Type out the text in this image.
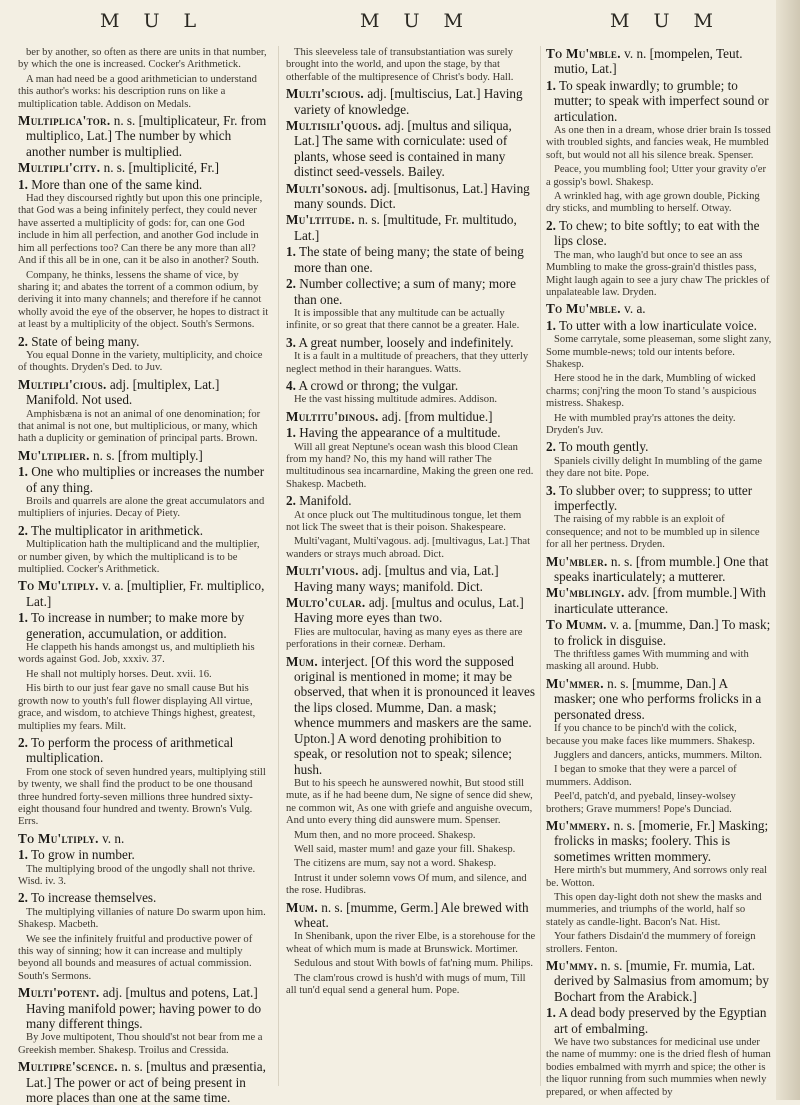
M U L	M U M	M U M
ber by another, so often as there are units in that number, by which the one is increased. Cocker's Arithmetick.
A man had need be a good arithmetician to understand this author's works: his description runs on like a multiplication table. Addison on Medals.
Multiplica'tor. n. s. [multiplicateur, Fr. from multiplico, Lat.] The number by which another number is multiplied.
Multipli'city. n. s. [multiplicité, Fr.]
1. More than one of the same kind.
Had they discoursed rightly but upon this one principle, that God was a being infinitely perfect, they could never have asserted a multiplicity of gods: for, can one God include in him all perfection, and another God include in him all perfections too? Can there be any more than all? And if this all be in one, can it be also in another? South.
Company, he thinks, lessens the shame of vice, by sharing it; and abates the torrent of a common odium, by deriving it into many channels; and therefore if he cannot wholly avoid the eye of the observer, he hopes to distract it at least by a multiplicity of the object. South's Sermons.
2. State of being many.
You equal Donne in the variety, multiplicity, and choice of thoughts. Dryden's Ded. to Juv.
Multipli'cious. adj. [multiplex, Lat.] Manifold. Not used.
Amphisbæna is not an animal of one denomination; for that animal is not one, but multiplicious, or many, which hath a duplicity or gemination of principal parts. Brown.
Mu'ltiplier. n. s. [from multiply.]
1. One who multiplies or increases the number of any thing.
Broils and quarrels are alone the great accumulators and multipliers of injuries. Decay of Piety.
2. The multiplicator in arithmetick.
Multiplication hath the multiplicand and the multiplier, or number given, by which the multiplicand is to be multiplied. Cocker's Arithmetick.
To Mu'ltiply. v. a. [multiplier, Fr. multiplico, Lat.]
1. To increase in number; to make more by generation, accumulation, or addition.
He clappeth his hands amongst us, and multiplieth his words against God. Job, xxxiv. 37.
He shall not multiply horses. Deut. xvii. 16.
His birth to our just fear gave no small cause But his growth now to youth's full flower displaying All virtue, grace, and wisdom, to atchieve Things highest, greatest, multiplies my fears. Milt.
2. To perform the process of arithmetical multiplication.
From one stock of seven hundred years, multiplying still by twenty, we shall find the product to be one thousand three hundred forty-seven millions three hundred sixty-eight thousand four hundred and twenty. Brown's Vulg. Errs.
To Mu'ltiply. v. n.
1. To grow in number.
The multiplying brood of the ungodly shall not thrive. Wisd. iv. 3.
2. To increase themselves.
The multiplying villanies of nature Do swarm upon him. Shakesp. Macbeth.
We see the infinitely fruitful and productive power of this way of sinning; how it can increase and multiply beyond all bounds and measures of actual commission. South's Sermons.
Multi'potent. adj. [multus and potens, Lat.] Having manifold power; having power to do many different things.
By Jove multipotent, Thou should'st not bear from me a Greekish member. Shakesp. Troilus and Cressida.
Multipre'scence. n. s. [multus and præsentia, Lat.] The power or act of being present in more places than one at the same time.
This sleeveless tale of transubstantiation was surely brought into the world, and upon the stage, by that otherfable of the multipresence of Christ's body. Hall.
Multi'scious. adj. [multiscius, Lat.] Having variety of knowledge.
Multisili'quous. adj. [multus and siliqua, Lat.] The same with corniculate: used of plants, whose seed is contained in many distinct seed-vessels. Bailey.
Multi'sonous. adj. [multisonus, Lat.] Having many sounds. Dict.
Mu'ltitude. n. s. [multitude, Fr. multitudo, Lat.]
1. The state of being many; the state of being more than one.
2. Number collective; a sum of many; more than one.
It is impossible that any multitude can be actually infinite, or so great that there cannot be a greater. Hale.
3. A great number, loosely and indefinitely.
It is a fault in a multitude of preachers, that they utterly neglect method in their harangues. Watts.
4. A crowd or throng; the vulgar.
He the vast hissing multitude admires. Addison.
Multitu'dinous. adj. [from multidue.]
1. Having the appearance of a multitude.
Will all great Neptune's ocean wash this blood Clean from my hand? No, this my hand will rather The multitudinous sea incarnardine, Making the green one red. Shakesp. Macbeth.
2. Manifold.
At once pluck out The multitudinous tongue, let them not lick The sweet that is their poison. Shakespeare.
Multi'vagant, Multi'vagous. adj. [multivagus, Lat.] That wanders or strays much abroad. Dict.
Multi'vious. adj. [multus and via, Lat.] Having many ways; manifold. Dict.
Multo'cular. adj. [multus and oculus, Lat.] Having more eyes than two.
Flies are multocular, having as many eyes as there are perforations in their corneæ. Derham.
Mum. interject. [Of this word the supposed original is mentioned in mome; it may be observed, that when it is pronounced it leaves the lips closed. Mumme, Dan. a mask; whence mummers and maskers are the same. Upton.] A word denoting prohibition to speak, or resolution not to speak; silence; hush.
But to his speech he aunswered nowhit, But stood still mute, as if he had beene dum, Ne signe of sence did shew, ne common wit, As one with griefe and anguishe ovecum, And unto every thing did aunswere mum. Spenser.
Mum then, and no more proceed. Shakesp.
Well said, master mum! and gaze your fill. Shakesp.
The citizens are mum, say not a word. Shakesp.
Intrust it under solemn vows Of mum, and silence, and the rose. Hudibras.
Mum. n. s. [mumme, Germ.] Ale brewed with wheat.
In Shenibank, upon the river Elbe, is a storehouse for the wheat of which mum is made at Brunswick. Mortimer.
Sedulous and stout With bowls of fat'ning mum. Philips.
The clam'rous crowd is hush'd with mugs of mum, Till all tun'd equal send a general hum. Pope.
To Mu'mble. v. n. [mompelen, Teut. mutio, Lat.]
1. To speak inwardly; to grumble; to mutter; to speak with imperfect sound or articulation.
As one then in a dream, whose drier brain Is tossed with troubled sights, and fancies weak, He mumbled soft, but would not all his silence break. Spenser.
Peace, you mumbling fool; Utter your gravity o'er a gossip's bowl. Shakesp.
A wrinkled hag, with age grown double, Picking dry sticks, and mumbling to herself. Otway.
2. To chew; to bite softly; to eat with the lips close.
The man, who laugh'd but once to see an ass Mumbling to make the gross-grain'd thistles pass, Might laugh again to see a jury chaw The prickles of unpalateable law. Dryden.
To Mu'mble. v. a.
1. To utter with a low inarticulate voice.
Some carrytale, some pleaseman, some slight zany, Some mumble-news; told our intents before. Shakesp.
Here stood he in the dark, Mumbling of wicked charms; conj'ring the moon To stand 's auspicious mistress. Shakesp.
He with mumbled pray'rs attones the deity. Dryden's Juv.
2. To mouth gently.
Spaniels civilly delight In mumbling of the game they dare not bite. Pope.
3. To slubber over; to suppress; to utter imperfectly.
The raising of my rabble is an exploit of consequence; and not to be mumbled up in silence for all her pertness. Dryden.
Mu'mbler. n. s. [from mumble.] One that speaks inarticulately; a mutterer.
Mu'mblingly. adv. [from mumble.] With inarticulate utterance.
To Mumm. v. a. [mumme, Dan.] To mask; to frolick in disguise.
The thriftless games With mumming and with masking all around. Hubb.
Mu'mmer. n. s. [mumme, Dan.] A masker; one who performs frolicks in a personated dress.
If you chance to be pinch'd with the colick, because you make faces like mummers. Shakesp.
Jugglers and dancers, anticks, mummers. Milton.
I began to smoke that they were a parcel of mummers. Addison.
Peel'd, patch'd, and pyebald, linsey-wolsey brothers; Grave mummers! Pope's Dunciad.
Mu'mmery. n. s. [momerie, Fr.] Masking; frolicks in masks; foolery. This is sometimes written mommery.
Here mirth's but mummery, And sorrows only real be. Wotton.
This open day-light doth not shew the masks and mummeries, and triumphs of the world, half so stately as candle-light. Bacon's Nat. Hist.
Your fathers Disdain'd the mummery of foreign strollers. Fenton.
Mu'mmy. n. s. [mumie, Fr. mumia, Lat. derived by Salmasius from amomum; by Bochart from the Arabick.]
1. A dead body preserved by the Egyptian art of embalming.
We have two substances for medicinal use under the name of mummy: one is the dried flesh of human bodies embalmed with myrrh and spice; the other is the liquor running from such mummies when newly prepared, or when affected by
